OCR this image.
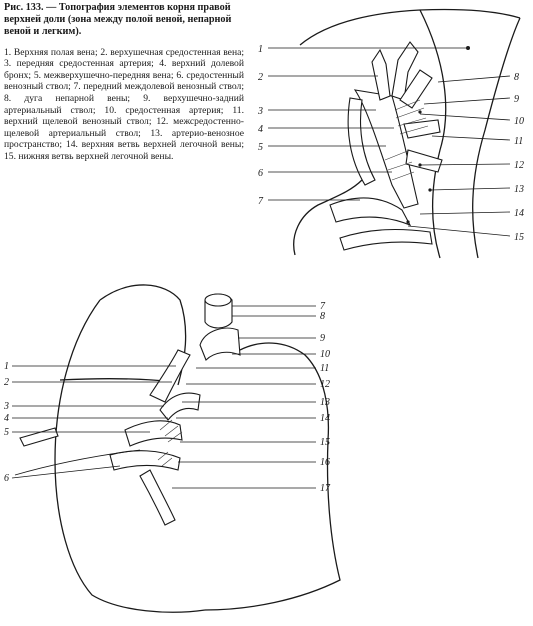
Рис. 133. — Топография элементов корня правой верхней доли (зона между полой веной, непарной веной и легким).

1. Верхняя полая вена; 2. верхушечная средостенная вена; 3. передняя средостенная артерия; 4. верхний долевой бронх; 5. межверхушечно-передняя вена; 6. средостенный венозный ствол; 7. передний междолевой венозный ствол; 8. дуга непарной вены; 9. верхушечно-задний артериальный ствол; 10. средостенная артерия; 11. верхний щелевой венозный ствол; 12. межсредостенно-щелевой артериальный ствол; 13. артерио-венозное пространство; 14. верхняя ветвь верхней легочной вены; 15. нижняя ветвь верхней легочной вены.

1
2
3
4
5
6
7
8
9
10
11
12
13
14
15
1
2
3
4
5
6
7
8
9
10
11
12
13
14
15
16
17
